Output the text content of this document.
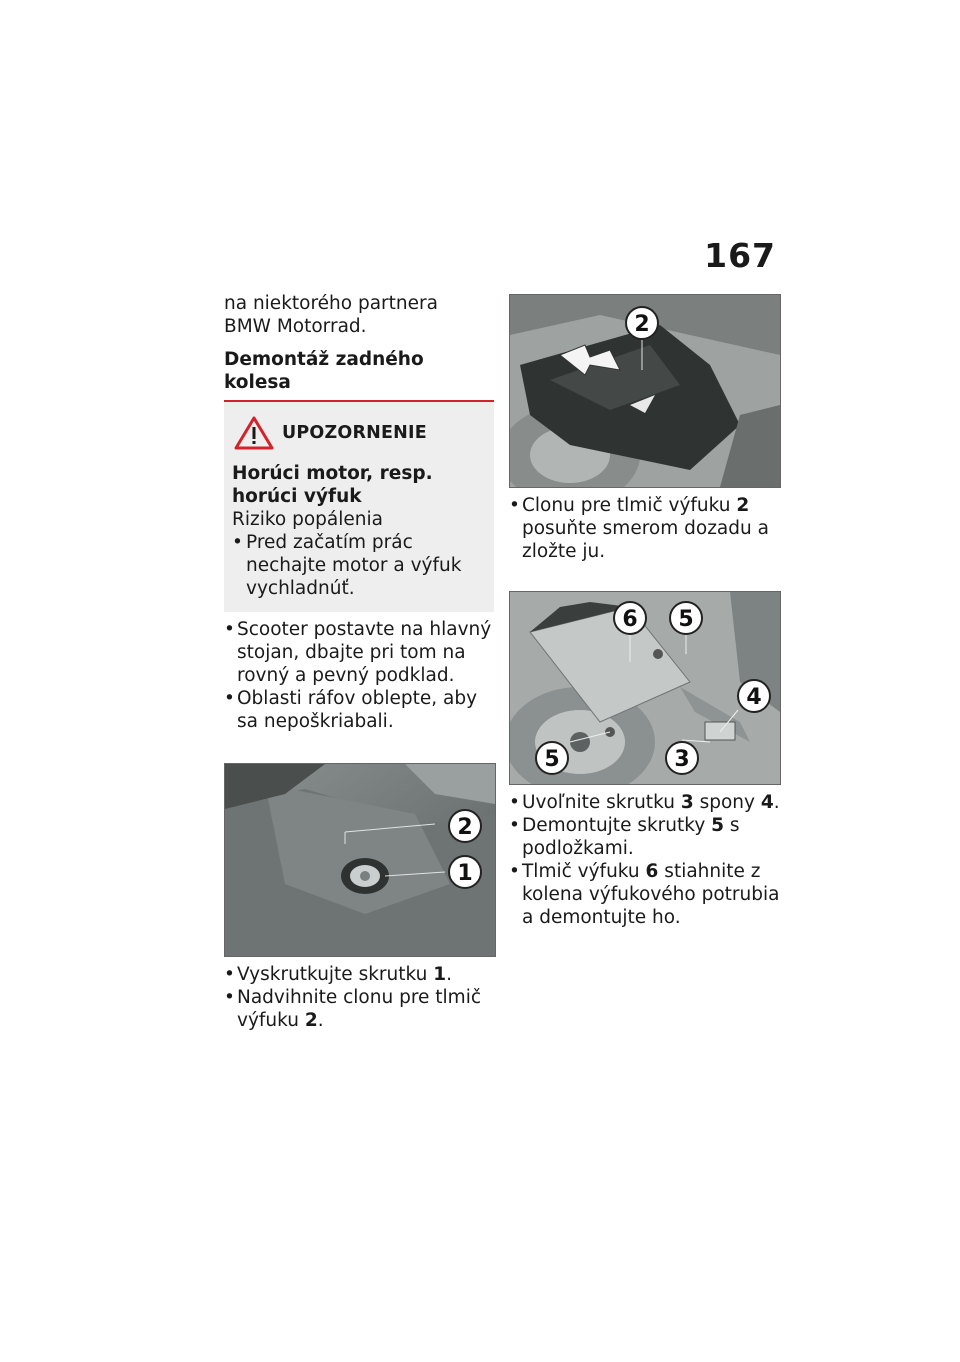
167

na niektorého partnera

BMW Motorrad.

Demontáž zadného kolesa

UPOZORNENIE
Horúci motor, resp. horúci výfuk
Riziko popálenia
• Pred začatím prác nechajte motor a výfuk vychladnúť.
• Scooter postavte na hlavný stojan, dbajte pri tom na rovný a pevný podklad.
• Oblasti ráfov oblepte, aby sa nepoškriabali.
2
1
• Vyskrutkujte skrutku 1.
• Nadvihnite clonu pre tlmič výfuku 2.
2
• Clonu pre tlmič výfuku 2 posuňte smerom dozadu a zložte ju.
6 5
4
5	3
• Uvoľnite skrutku 3 spony 4.
• Demontujte skrutky 5 s podložkami.
• Tlmič výfuku 6 stiahnite z kolena výfukového potrubia a demontujte ho.
